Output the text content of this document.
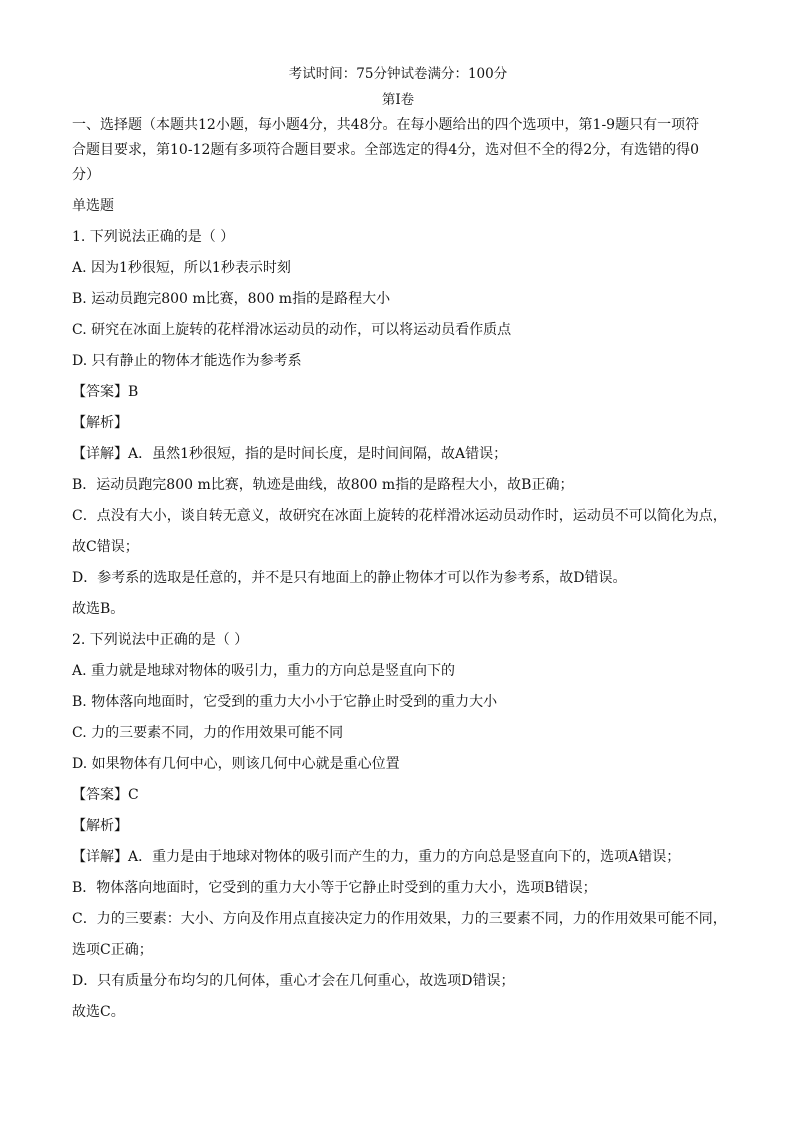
考试时间：75分钟试卷满分：100分
第Ⅰ卷
一、选择题（本题共12小题，每小题4分，共48分。在每小题给出的四个选项中，第1-9题只有一项符
合题目要求，第10-12题有多项符合题目要求。全部选定的得4分，选对但不全的得2分，有选错的得0
分）
单选题
1. 下列说法正确的是（ ）
A. 因为1秒很短，所以1秒表示时刻
B. 运动员跑完800 m比赛，800 m指的是路程大小
C. 研究在冰面上旋转的花样滑冰运动员的动作，可以将运动员看作质点
D. 只有静止的物体才能选作为参考系
【答案】B
【解析】
【详解】A．虽然1秒很短，指的是时间长度，是时间间隔，故A错误；
B．运动员跑完800 m比赛，轨迹是曲线，故800 m指的是路程大小，故B正确；
C．点没有大小，谈自转无意义，故研究在冰面上旋转的花样滑冰运动员动作时，运动员不可以简化为点，
故C错误；
D．参考系的选取是任意的，并不是只有地面上的静止物体才可以作为参考系，故D错误。
故选B。
2. 下列说法中正确的是（ ）
A. 重力就是地球对物体的吸引力，重力的方向总是竖直向下的
B. 物体落向地面时，它受到的重力大小小于它静止时受到的重力大小
C. 力的三要素不同，力的作用效果可能不同
D. 如果物体有几何中心，则该几何中心就是重心位置
【答案】C
【解析】
【详解】A．重力是由于地球对物体的吸引而产生的力，重力的方向总是竖直向下的，选项A错误；
B．物体落向地面时，它受到的重力大小等于它静止时受到的重力大小，选项B错误；
C．力的三要素：大小、方向及作用点直接决定力的作用效果，力的三要素不同，力的作用效果可能不同，
选项C正确；
D．只有质量分布均匀的几何体，重心才会在几何重心，故选项D错误；
故选C。
